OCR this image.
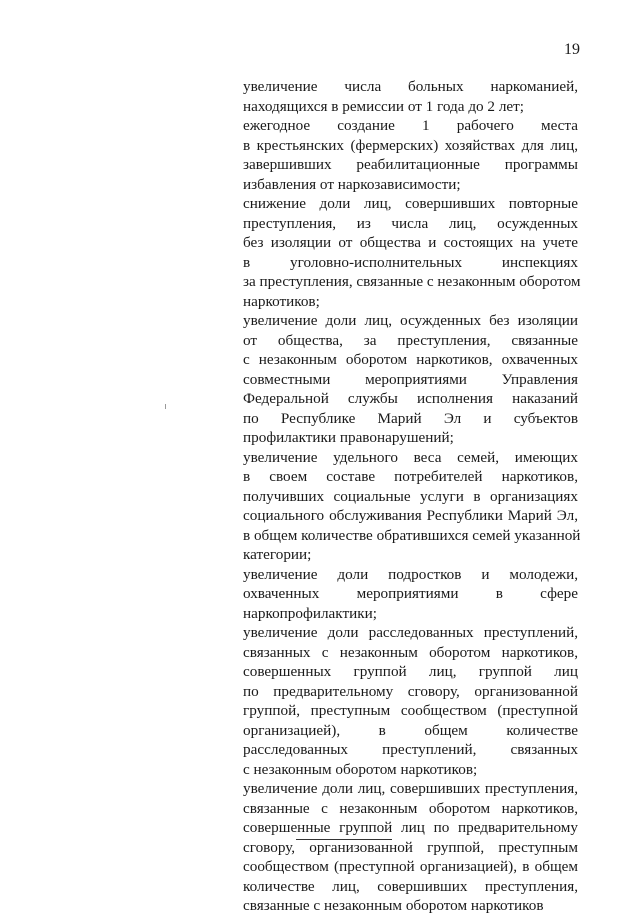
19
увеличение числа больных наркоманией,
находящихся в ремиссии от 1 года до 2 лет;
ежегодное создание 1 рабочего места
в крестьянских (фермерских) хозяйствах для лиц,
завершивших реабилитационные программы
избавления от наркозависимости;
снижение доли лиц, совершивших повторные
преступления, из числа лиц, осужденных
без изоляции от общества и состоящих на учете
в уголовно-исполнительных инспекциях
за преступления, связанные с незаконным оборотом
наркотиков;
увеличение доли лиц, осужденных без изоляции
от общества, за преступления, связанные
с незаконным оборотом наркотиков, охваченных
совместными мероприятиями Управления
Федеральной службы исполнения наказаний
по Республике Марий Эл и субъектов
профилактики правонарушений;
увеличение удельного веса семей, имеющих
в своем составе потребителей наркотиков,
получивших социальные услуги в организациях
социального обслуживания Республики Марий Эл,
в общем количестве обратившихся семей указанной
категории;
увеличение доли подростков и молодежи,
охваченных мероприятиями в сфере
наркопрофилактики;
увеличение доли расследованных преступлений,
связанных с незаконным оборотом наркотиков,
совершенных группой лиц, группой лиц
по предварительному сговору, организованной
группой, преступным сообществом (преступной
организацией), в общем количестве
расследованных преступлений, связанных
с незаконным оборотом наркотиков;
увеличение доли лиц, совершивших преступления,
связанные с незаконным оборотом наркотиков,
совершенные группой лиц по предварительному
сговору, организованной группой, преступным
сообществом (преступной организацией), в общем
количестве лиц, совершивших преступления,
связанные с незаконным оборотом наркотиков
